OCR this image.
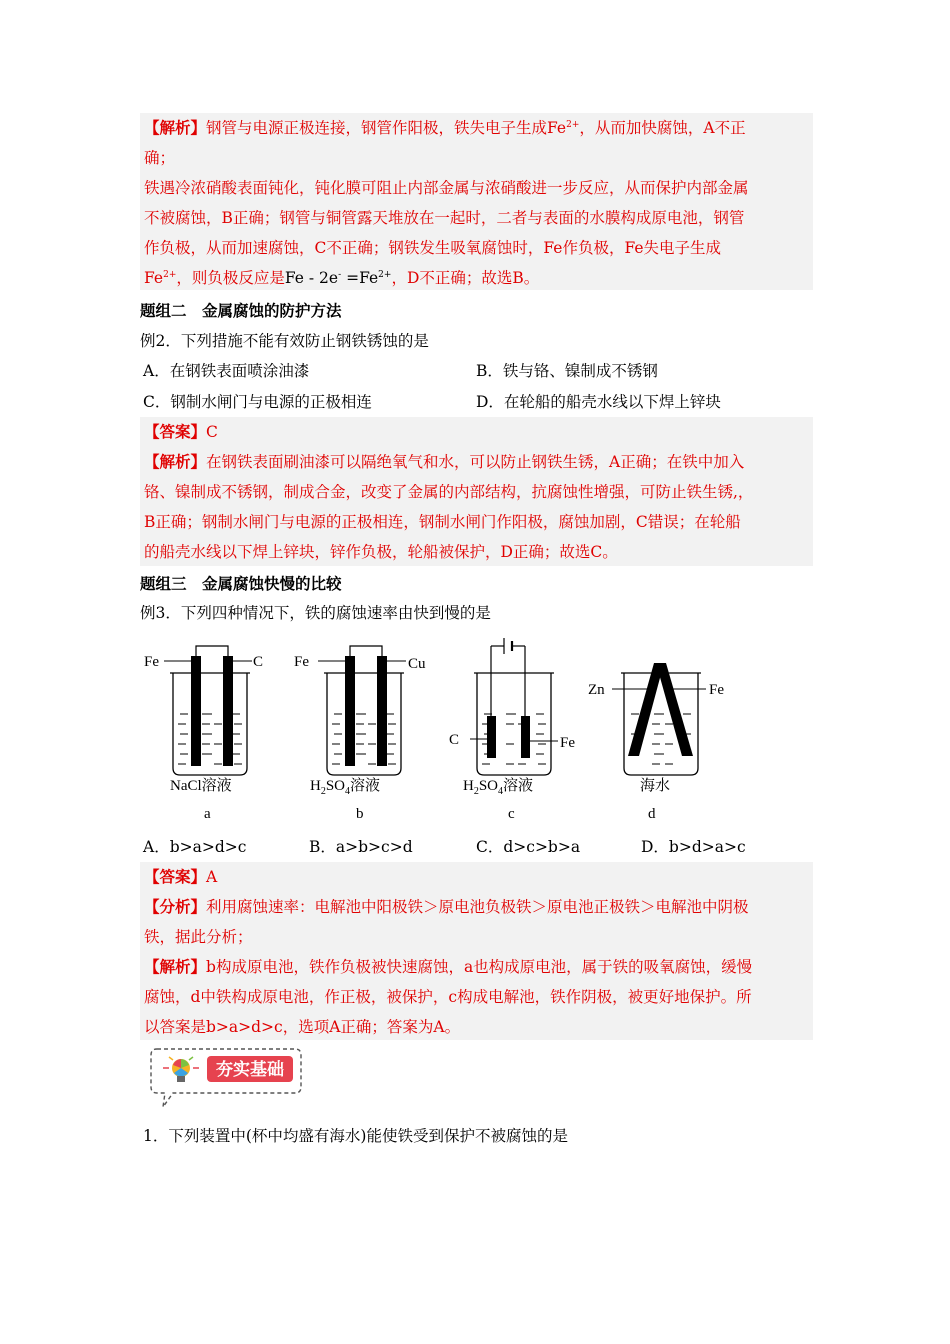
【解析】钢管与电源正极连接，钢管作阳极，铁失电子生成$Fe^{2+}$，从而加快腐蚀，A不正
确；
铁遇冷浓硝酸表面钝化，钝化膜可阻止内部金属与浓硝酸进一步反应，从而保护内部金属
不被腐蚀，B正确；钢管与铜管露天堆放在一起时，二者与表面的水膜构成原电池，钢管
作负极，从而加速腐蚀，C不正确；钢铁发生吸氧腐蚀时，Fe作负极，Fe失电子生成
$Fe^{2+}$，则负极反应是$Fe - 2e^- =Fe^{2+}$，D不正确；故选B。
题组二　金属腐蚀的防护方法
例2．下列措施不能有效防止钢铁锈蚀的是
A．在钢铁表面喷涂油漆	B．铁与铬、镍制成不锈钢
C．钢制水闸门与电源的正极相连	D．在轮船的船壳水线以下焊上锌块
【答案】C
【解析】在钢铁表面刷油漆可以隔绝氧气和水，可以防止钢铁生锈，A正确；在铁中加入
铬、镍制成不锈钢，制成合金，改变了金属的内部结构，抗腐蚀性增强，可防止铁生锈,，
B正确；钢制水闸门与电源的正极相连，钢制水闸门作阳极，腐蚀加剧，C错误；在轮船
的船壳水线以下焊上锌块，锌作负极，轮船被保护，D正确；故选C。
题组三　金属腐蚀快慢的比较
例3．下列四种情况下，铁的腐蚀速率由快到慢的是
Fe	C
NaCl溶液
a
Fe	Cu
$H_2SO_4$溶液
b
C	Fe
$H_2SO_4$溶液
c
Zn	Fe
海水
d
A．b>a>d>c	B．a>b>c>d	C．d>c>b>a	D．b>d>a>c
【答案】A
【分析】利用腐蚀速率：电解池中阳极铁＞原电池负极铁＞原电池正极铁＞电解池中阴极
铁，据此分析；
【解析】b构成原电池，铁作负极被快速腐蚀，a也构成原电池，属于铁的吸氧腐蚀，缓慢
腐蚀，d中铁构成原电池，作正极，被保护，c构成电解池，铁作阴极，被更好地保护。所
以答案是b>a>d>c，选项A正确；答案为A。
夯实基础
1．下列装置中(杯中均盛有海水)能使铁受到保护不被腐蚀的是
